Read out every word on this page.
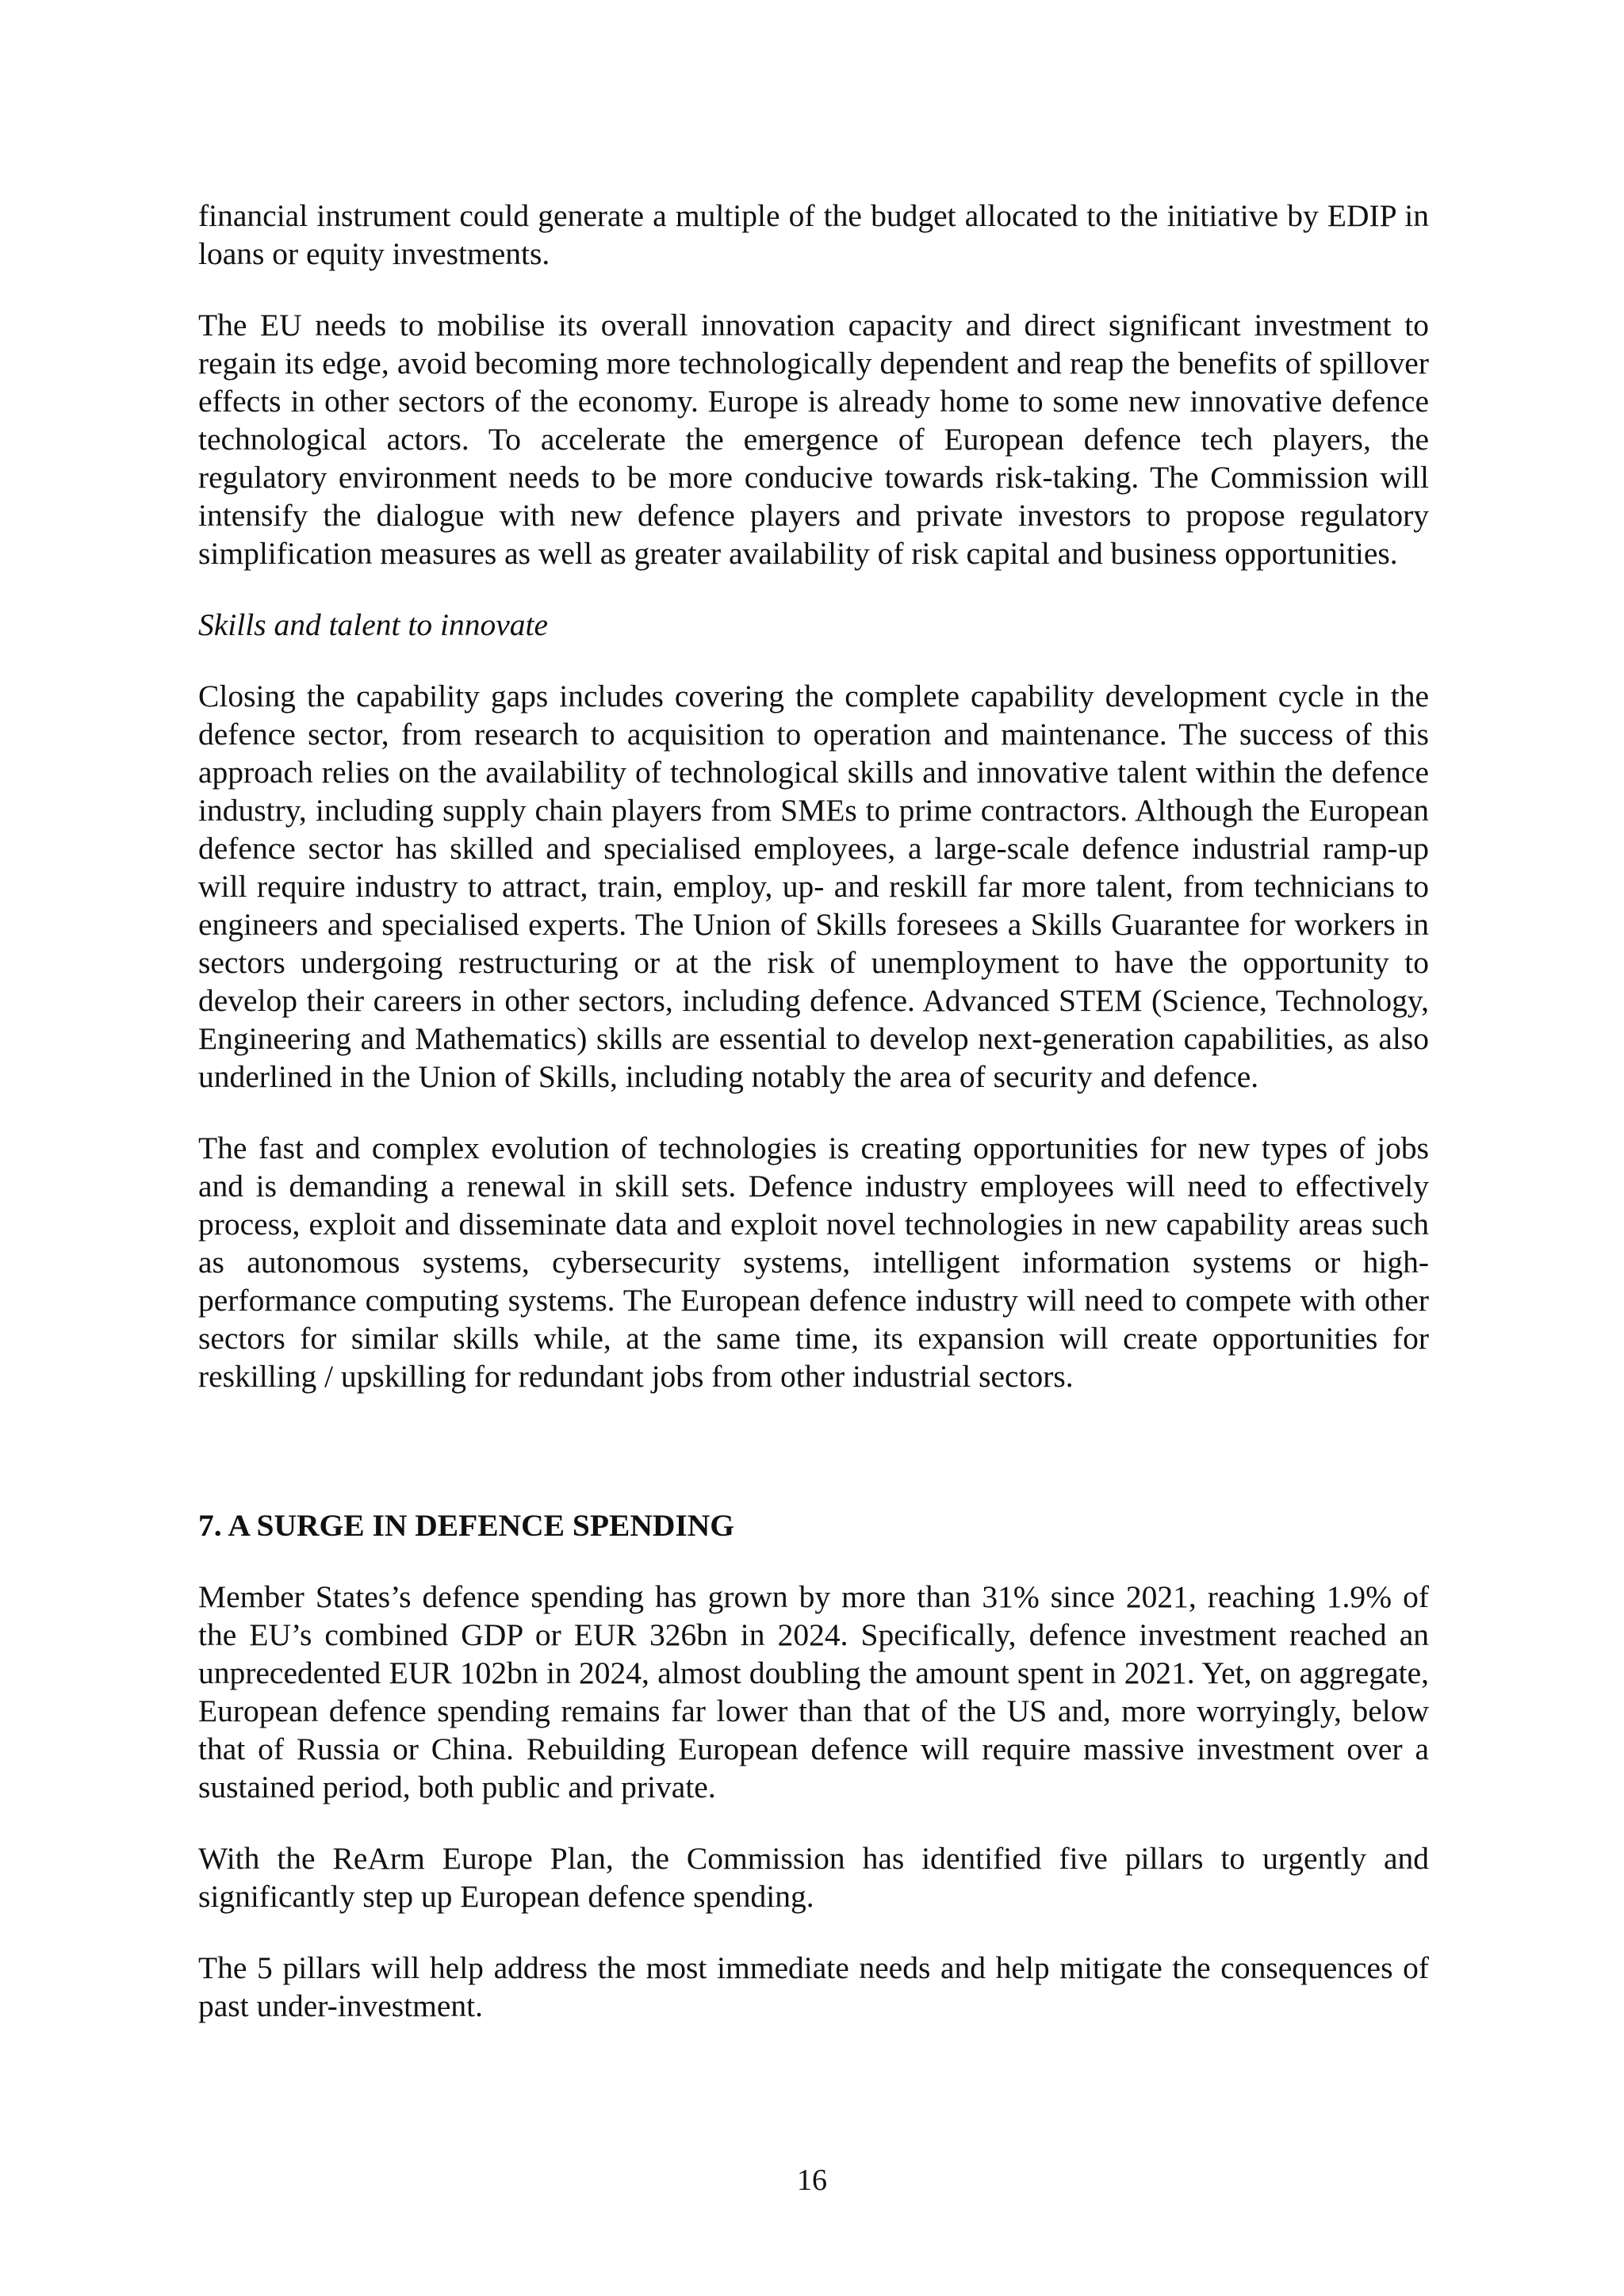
financial instrument could generate a multiple of the budget allocated to the initiative by EDIP in loans or equity investments.

The EU needs to mobilise its overall innovation capacity and direct significant investment to regain its edge, avoid becoming more technologically dependent and reap the benefits of spillover effects in other sectors of the economy. Europe is already home to some new innovative defence technological actors. To accelerate the emergence of European defence tech players, the regulatory environment needs to be more conducive towards risk-taking. The Commission will intensify the dialogue with new defence players and private investors to propose regulatory simplification measures as well as greater availability of risk capital and business opportunities.

Skills and talent to innovate

Closing the capability gaps includes covering the complete capability development cycle in the defence sector, from research to acquisition to operation and maintenance. The success of this approach relies on the availability of technological skills and innovative talent within the defence industry, including supply chain players from SMEs to prime contractors. Although the European defence sector has skilled and specialised employees, a large-scale defence industrial ramp-up will require industry to attract, train, employ, up- and reskill far more talent, from technicians to engineers and specialised experts. The Union of Skills foresees a Skills Guarantee for workers in sectors undergoing restructuring or at the risk of unemployment to have the opportunity to develop their careers in other sectors, including defence. Advanced STEM (Science, Technology, Engineering and Mathematics) skills are essential to develop next-generation capabilities, as also underlined in the Union of Skills, including notably the area of security and defence.

The fast and complex evolution of technologies is creating opportunities for new types of jobs and is demanding a renewal in skill sets. Defence industry employees will need to effectively process, exploit and disseminate data and exploit novel technologies in new capability areas such as autonomous systems, cybersecurity systems, intelligent information systems or high-performance computing systems. The European defence industry will need to compete with other sectors for similar skills while, at the same time, its expansion will create opportunities for reskilling / upskilling for redundant jobs from other industrial sectors.

7. A SURGE IN DEFENCE SPENDING

Member States’s defence spending has grown by more than 31% since 2021, reaching 1.9% of the EU’s combined GDP or EUR 326bn in 2024. Specifically, defence investment reached an unprecedented EUR 102bn in 2024, almost doubling the amount spent in 2021. Yet, on aggregate, European defence spending remains far lower than that of the US and, more worryingly, below that of Russia or China. Rebuilding European defence will require massive investment over a sustained period, both public and private.

With the ReArm Europe Plan, the Commission has identified five pillars to urgently and significantly step up European defence spending.

The 5 pillars will help address the most immediate needs and help mitigate the consequences of past under-investment.

16
